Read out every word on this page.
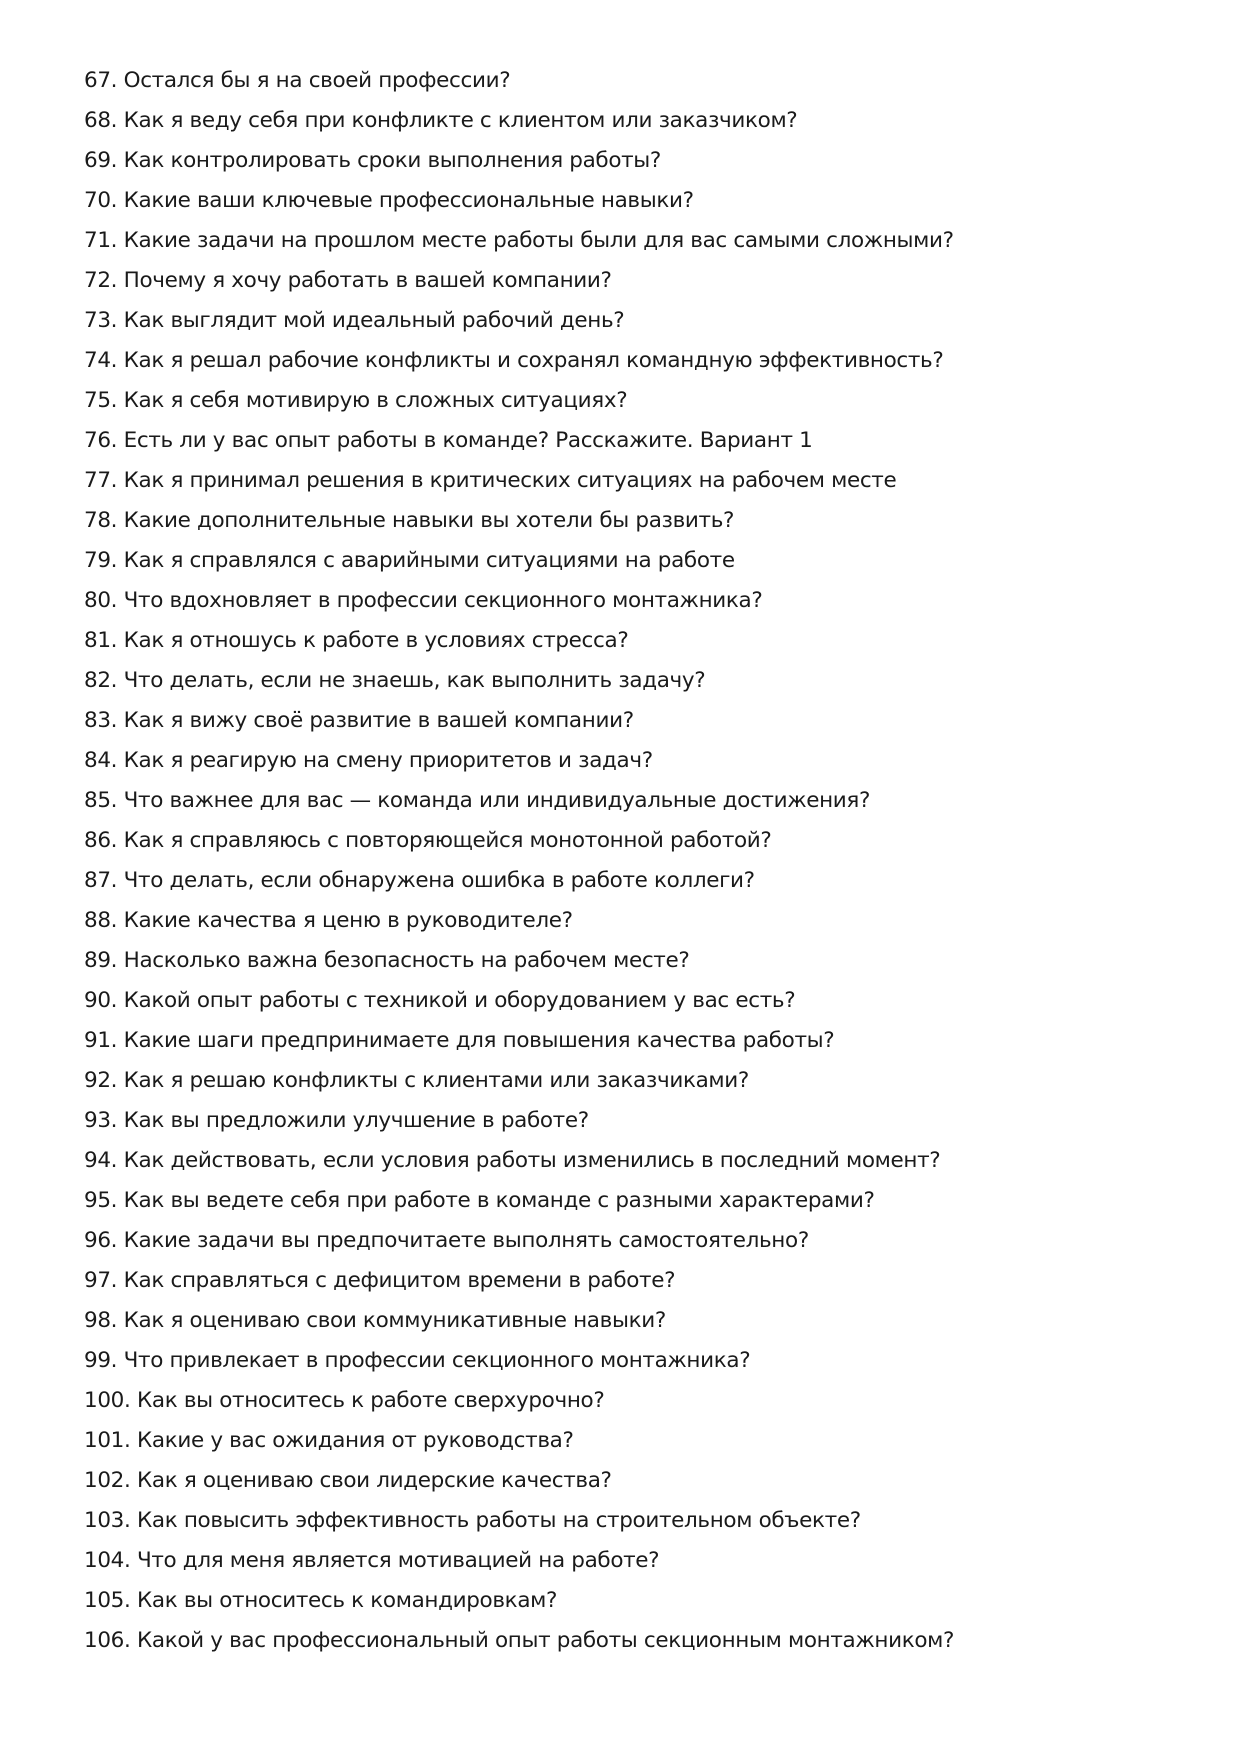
67. Остался бы я на своей профессии?
68. Как я веду себя при конфликте с клиентом или заказчиком?
69. Как контролировать сроки выполнения работы?
70. Какие ваши ключевые профессиональные навыки?
71. Какие задачи на прошлом месте работы были для вас самыми сложными?
72. Почему я хочу работать в вашей компании?
73. Как выглядит мой идеальный рабочий день?
74. Как я решал рабочие конфликты и сохранял командную эффективность?
75. Как я себя мотивирую в сложных ситуациях?
76. Есть ли у вас опыт работы в команде? Расскажите. Вариант 1
77. Как я принимал решения в критических ситуациях на рабочем месте
78. Какие дополнительные навыки вы хотели бы развить?
79. Как я справлялся с аварийными ситуациями на работе
80. Что вдохновляет в профессии секционного монтажника?
81. Как я отношусь к работе в условиях стресса?
82. Что делать, если не знаешь, как выполнить задачу?
83. Как я вижу своё развитие в вашей компании?
84. Как я реагирую на смену приоритетов и задач?
85. Что важнее для вас — команда или индивидуальные достижения?
86. Как я справляюсь с повторяющейся монотонной работой?
87. Что делать, если обнаружена ошибка в работе коллеги?
88. Какие качества я ценю в руководителе?
89. Насколько важна безопасность на рабочем месте?
90. Какой опыт работы с техникой и оборудованием у вас есть?
91. Какие шаги предпринимаете для повышения качества работы?
92. Как я решаю конфликты с клиентами или заказчиками?
93. Как вы предложили улучшение в работе?
94. Как действовать, если условия работы изменились в последний момент?
95. Как вы ведете себя при работе в команде с разными характерами?
96. Какие задачи вы предпочитаете выполнять самостоятельно?
97. Как справляться с дефицитом времени в работе?
98. Как я оцениваю свои коммуникативные навыки?
99. Что привлекает в профессии секционного монтажника?
100. Как вы относитесь к работе сверхурочно?
101. Какие у вас ожидания от руководства?
102. Как я оцениваю свои лидерские качества?
103. Как повысить эффективность работы на строительном объекте?
104. Что для меня является мотивацией на работе?
105. Как вы относитесь к командировкам?
106. Какой у вас профессиональный опыт работы секционным монтажником?
